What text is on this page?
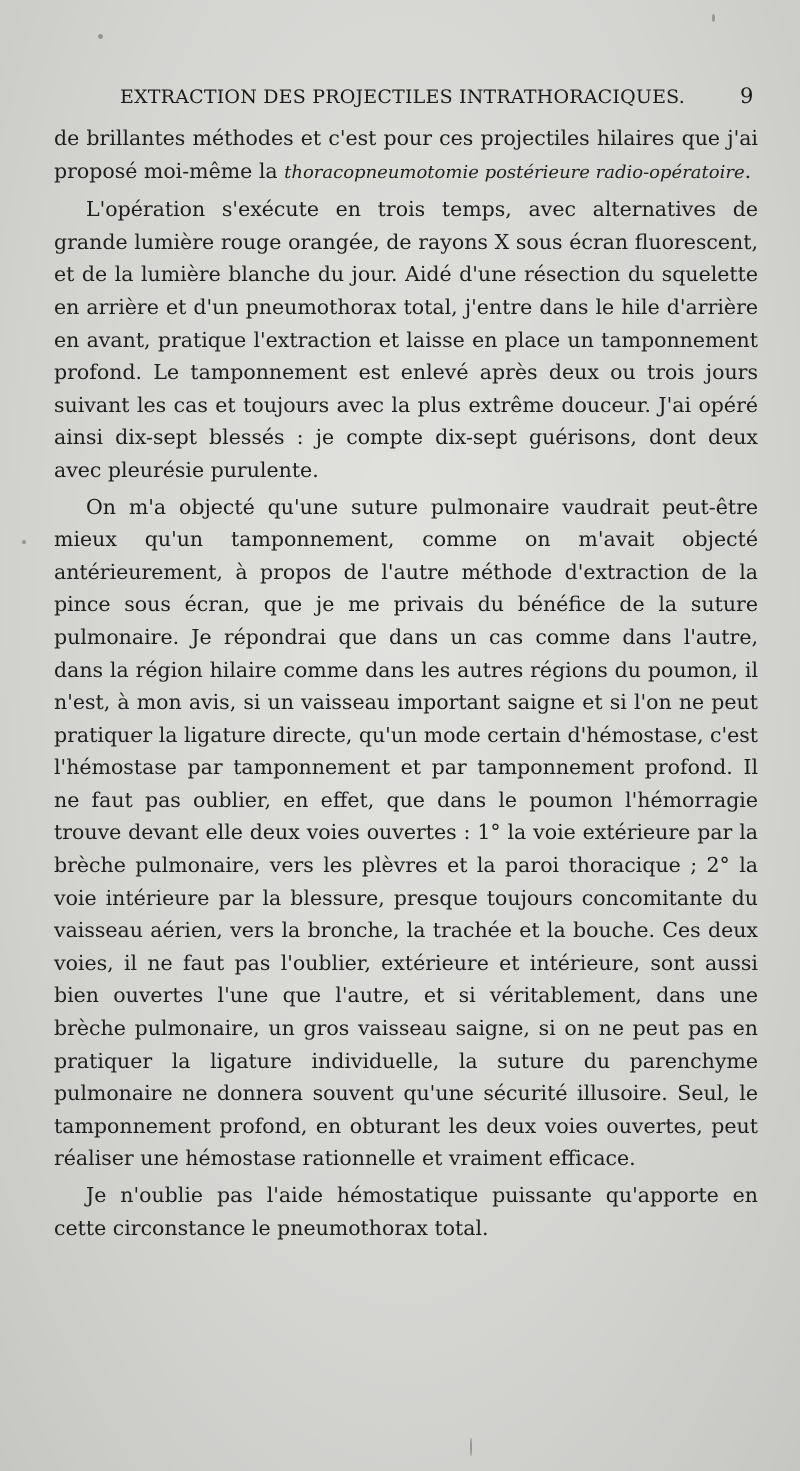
EXTRACTION DES PROJECTILES INTRATHORACIQUES.	9

de brillantes méthodes et c'est pour ces projectiles hilaires que j'ai proposé moi-même la thoracopneumotomie postérieure radio-opératoire.

L'opération s'exécute en trois temps, avec alternatives de grande lumière rouge orangée, de rayons X sous écran fluorescent, et de la lumière blanche du jour. Aidé d'une résection du squelette en arrière et d'un pneumothorax total, j'entre dans le hile d'arrière en avant, pratique l'extraction et laisse en place un tamponnement profond. Le tamponnement est enlevé après deux ou trois jours suivant les cas et toujours avec la plus extrême douceur. J'ai opéré ainsi dix-sept blessés : je compte dix-sept guérisons, dont deux avec pleurésie purulente.

On m'a objecté qu'une suture pulmonaire vaudrait peut-être mieux qu'un tamponnement, comme on m'avait objecté antérieurement, à propos de l'autre méthode d'extraction de la pince sous écran, que je me privais du bénéfice de la suture pulmonaire. Je répondrai que dans un cas comme dans l'autre, dans la région hilaire comme dans les autres régions du poumon, il n'est, à mon avis, si un vaisseau important saigne et si l'on ne peut pratiquer la ligature directe, qu'un mode certain d'hémostase, c'est l'hémostase par tamponnement et par tamponnement profond. Il ne faut pas oublier, en effet, que dans le poumon l'hémorragie trouve devant elle deux voies ouvertes : 1° la voie extérieure par la brèche pulmonaire, vers les plèvres et la paroi thoracique ; 2° la voie intérieure par la blessure, presque toujours concomitante du vaisseau aérien, vers la bronche, la trachée et la bouche. Ces deux voies, il ne faut pas l'oublier, extérieure et intérieure, sont aussi bien ouvertes l'une que l'autre, et si véritablement, dans une brèche pulmonaire, un gros vaisseau saigne, si on ne peut pas en pratiquer la ligature individuelle, la suture du parenchyme pulmonaire ne donnera souvent qu'une sécurité illusoire. Seul, le tamponnement profond, en obturant les deux voies ouvertes, peut réaliser une hémostase rationnelle et vraiment efficace.

Je n'oublie pas l'aide hémostatique puissante qu'apporte en cette circonstance le pneumothorax total.
